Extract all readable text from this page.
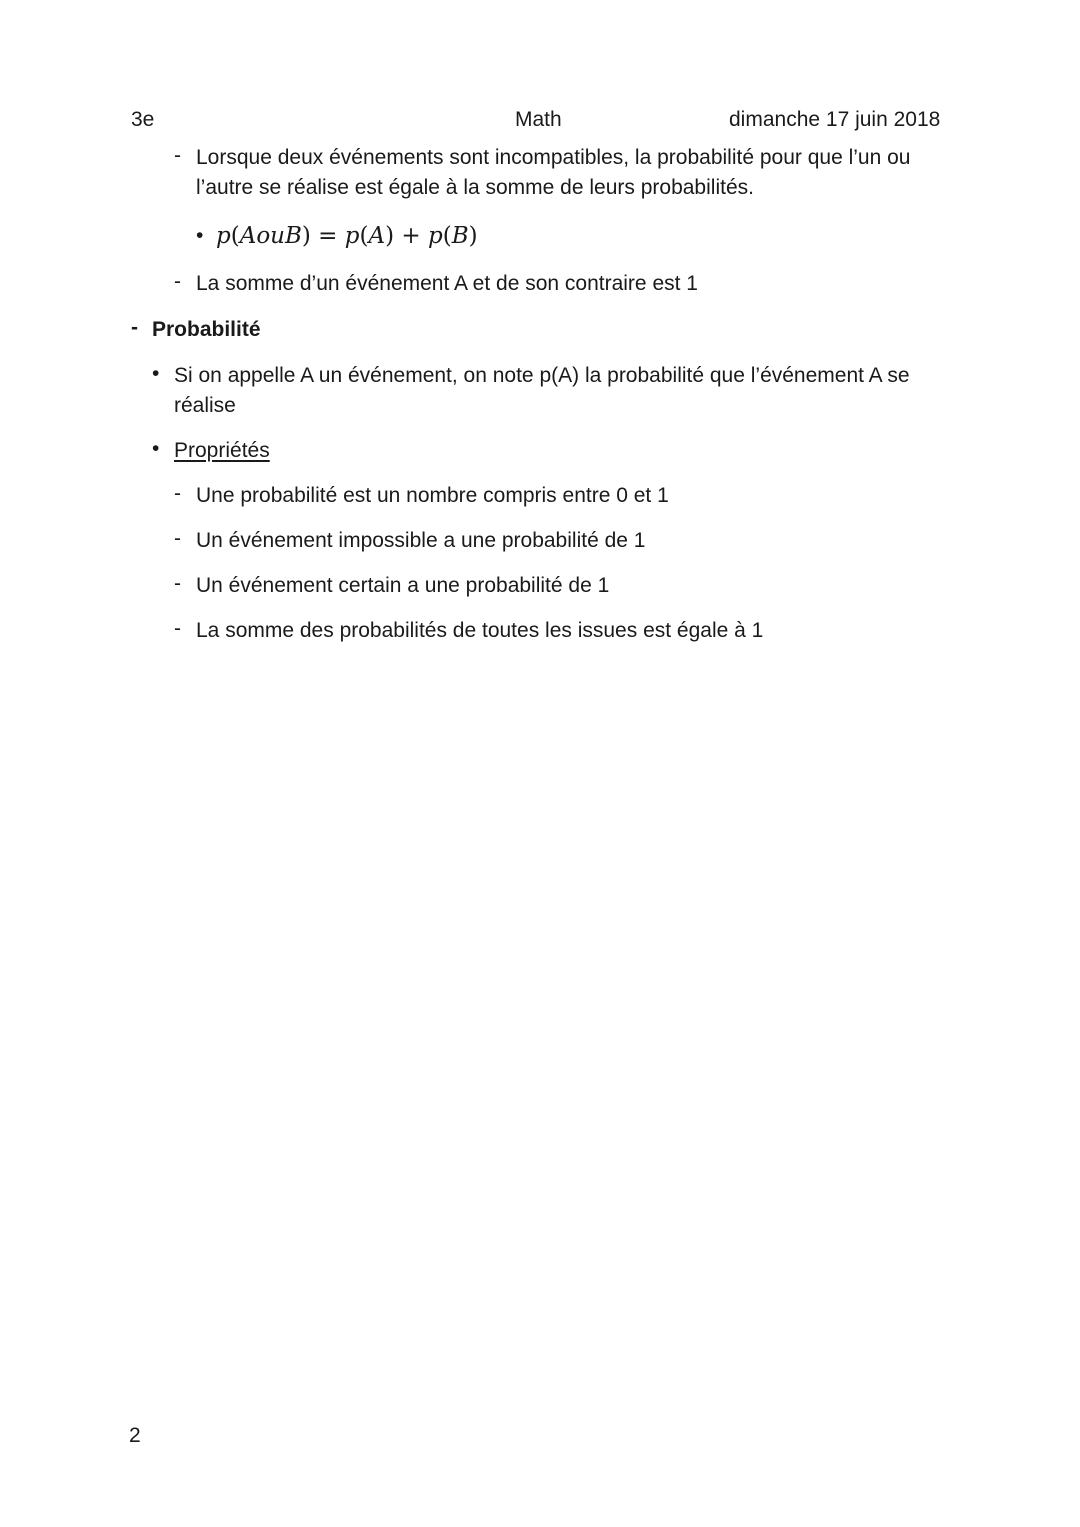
3e	Math	dimanche 17 juin 2018
- Lorsque deux événements sont incompatibles, la probabilité pour que l’un ou
l’autre se réalise est égale à la somme de leurs probabilités.
• p(AouB) = p(A) + p(B)
- La somme d’un événement A et de son contraire est 1
- Probabilité
• Si on appelle A un événement, on note p(A) la probabilité que l’événement A se
réalise
• Propriétés
- Une probabilité est un nombre compris entre 0 et 1
- Un événement impossible a une probabilité de 1
- Un événement certain a une probabilité de 1
- La somme des probabilités de toutes les issues est égale à 1
2
